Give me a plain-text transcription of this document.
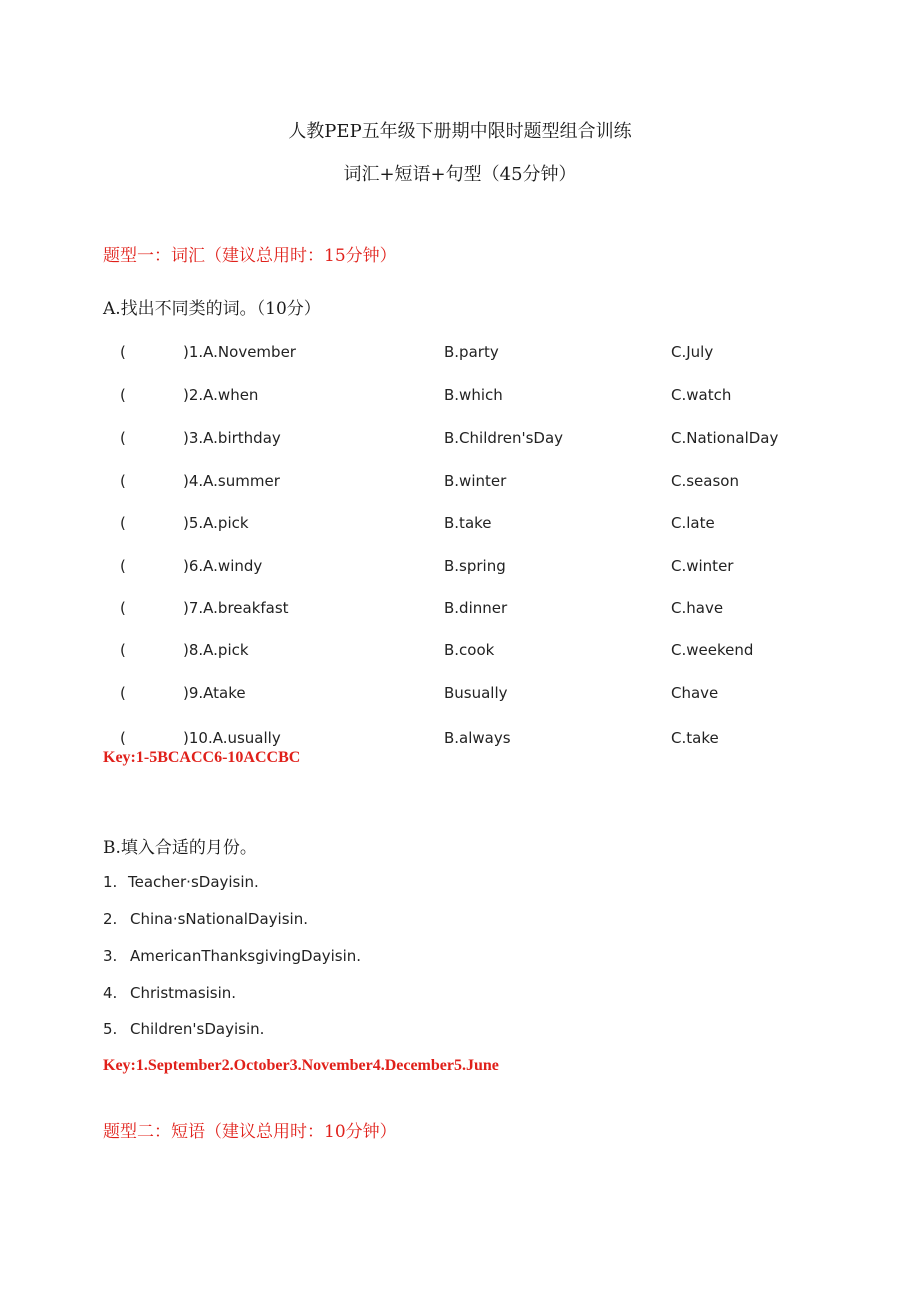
人教PEP五年级下册期中限时题型组合训练
词汇+短语+句型（45分钟）
题型一：词汇（建议总用时：15分钟）
A.找出不同类的词。（10分）
(	)1.A.November	B.party	C.July
(	)2.A.when	B.which	C.watch
(	)3.A.birthday	B.Children'sDay	C.NationalDay
(	)4.A.summer	B.winter	C.season
(	)5.A.pick	B.take	C.late
(	)6.A.windy	B.spring	C.winter
(	)7.A.breakfast	B.dinner	C.have
(	)8.A.pick	B.cook	C.weekend
(	)9.Atake	Busually	Chave
(	)10.A.usually	B.always	C.take
Key:1-5BCACC6-10ACCBC
B.填入合适的月份。
1. Teacher·sDayisin.
2. China·sNationalDayisin.
3. AmericanThanksgivingDayisin.
4. Christmasisin.
5. Children'sDayisin.
Key:1.September2.October3.November4.December5.June
题型二：短语（建议总用时：10分钟）
